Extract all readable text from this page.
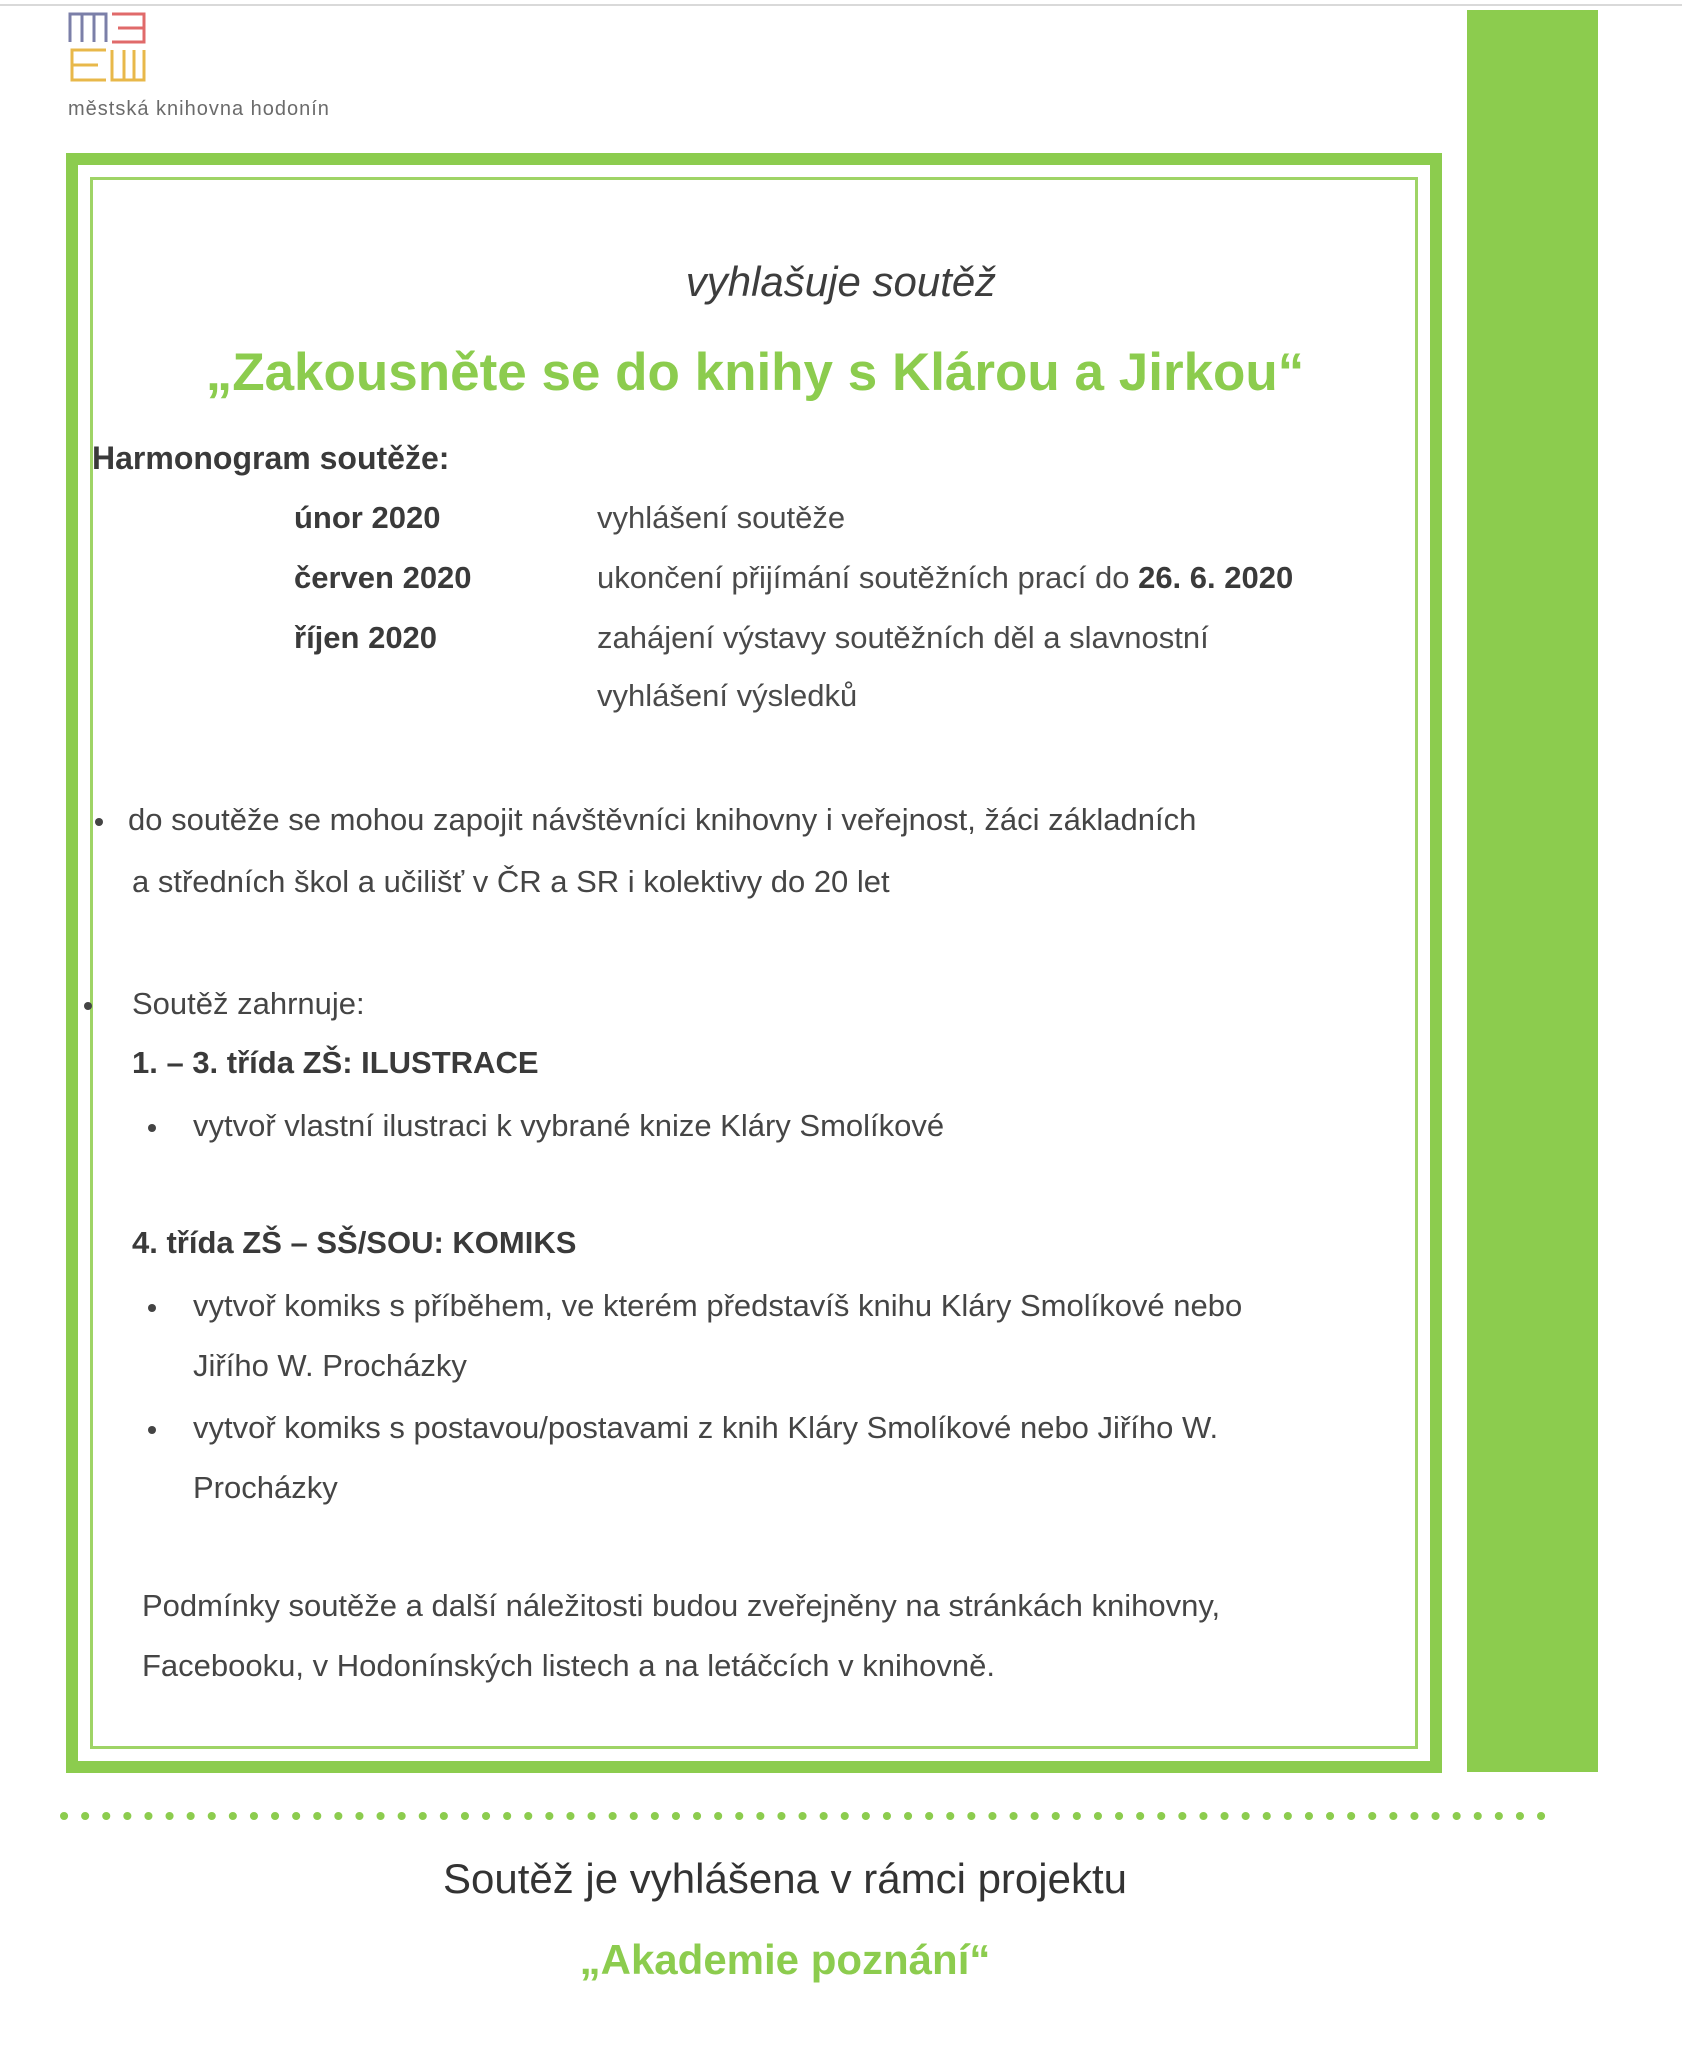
městská knihovna hodonín
vyhlašuje soutěž
„Zakousněte se do knihy s Klárou a Jirkou“
Harmonogram soutěže:
únor 2020	vyhlášení soutěže
červen 2020	ukončení přijímání soutěžních prací do 26. 6. 2020
říjen 2020	zahájení výstavy soutěžních děl a slavnostní
vyhlášení výsledků
do soutěže se mohou zapojit návštěvníci knihovny i veřejnost, žáci základních
a středních škol a učilišť v ČR a SR i kolektivy do 20 let
Soutěž zahrnuje:
1. – 3. třída ZŠ: ILUSTRACE
vytvoř vlastní ilustraci k vybrané knize Kláry Smolíkové
4. třída ZŠ – SŠ/SOU: KOMIKS
vytvoř komiks s příběhem, ve kterém představíš knihu Kláry Smolíkové nebo
Jiřího W. Procházky
vytvoř komiks s postavou/postavami z knih Kláry Smolíkové nebo Jiřího W.
Procházky
Podmínky soutěže a další náležitosti budou zveřejněny na stránkách knihovny,
Facebooku, v Hodonínských listech a na letáčcích v knihovně.
Soutěž je vyhlášena v rámci projektu
„Akademie poznání“
